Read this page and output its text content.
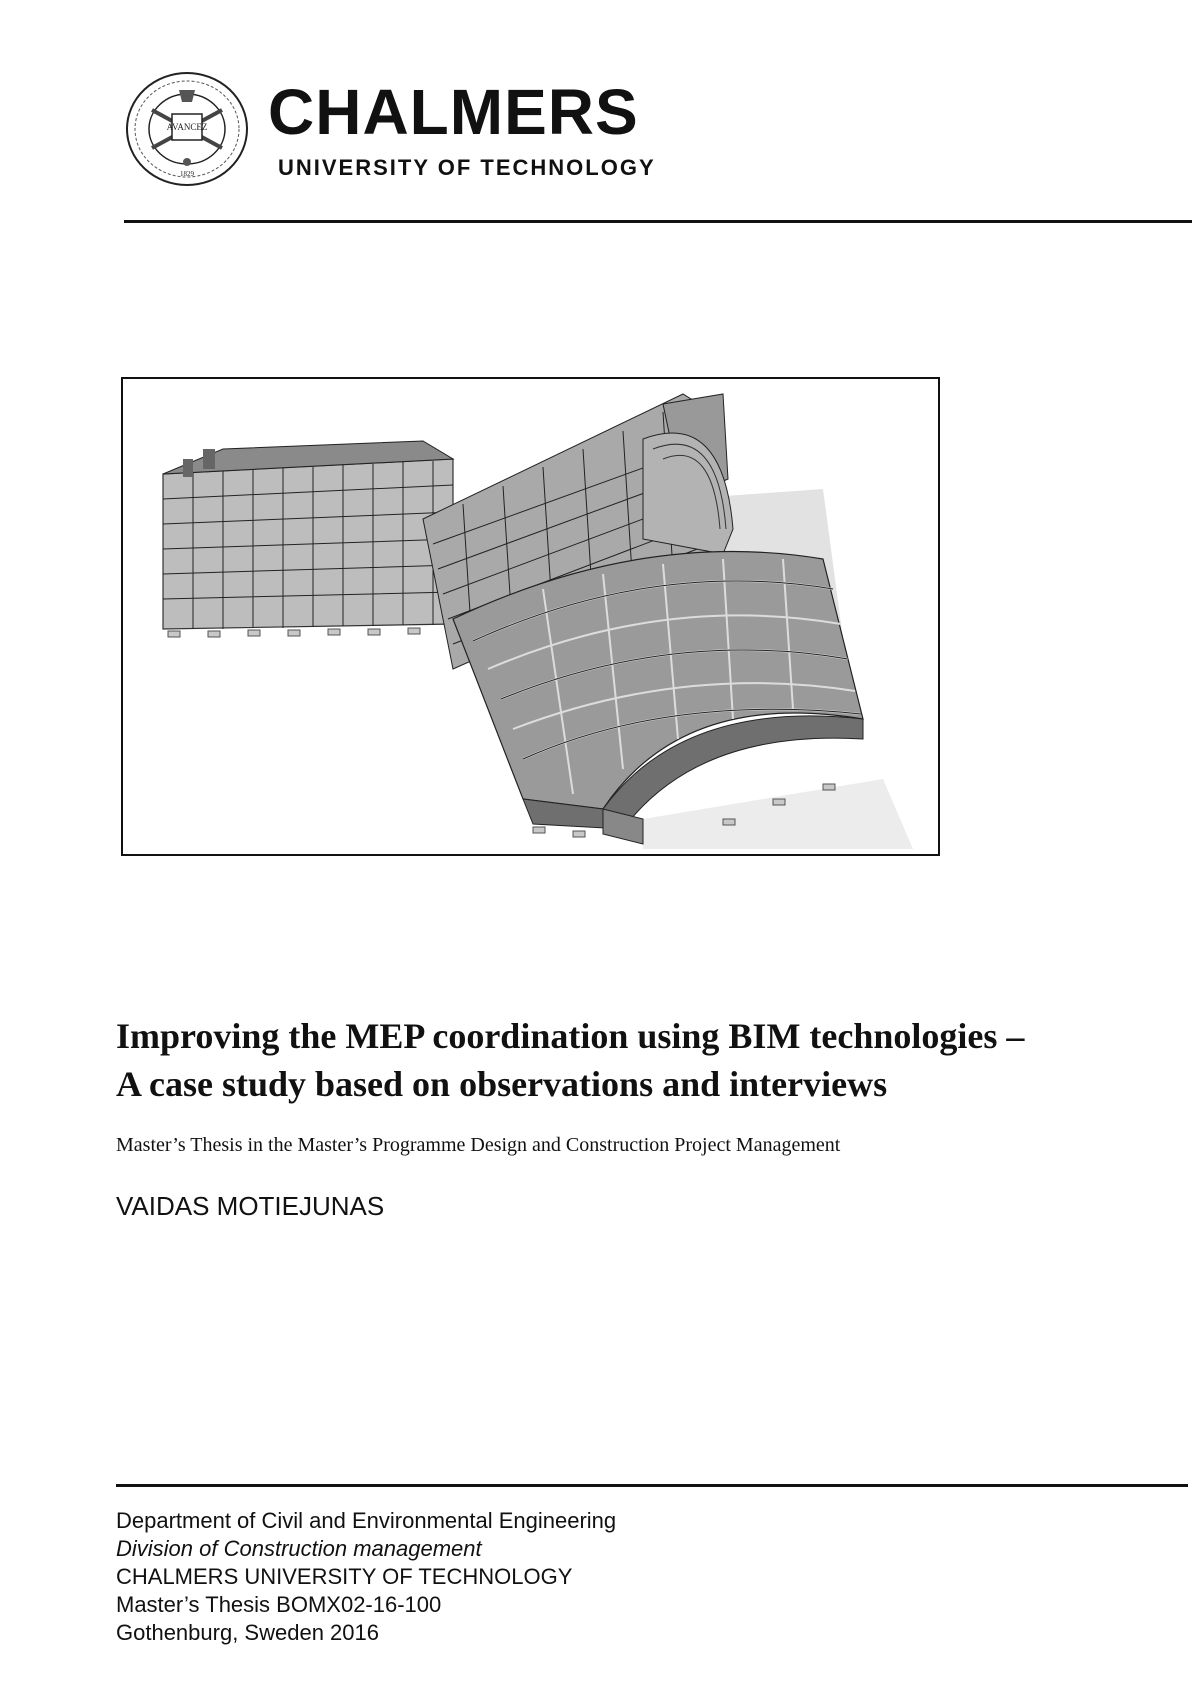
AVANCEZ
1829
CHALMERS
UNIVERSITY OF TECHNOLOGY
Improving the MEP coordination using BIM technologies –
A case study based on observations and interviews
Master’s Thesis in the Master’s Programme Design and Construction Project Management
VAIDAS MOTIEJUNAS
Department of Civil and Environmental Engineering
Division of Construction management
CHALMERS UNIVERSITY OF TECHNOLOGY
Master’s Thesis BOMX02-16-100
Gothenburg, Sweden 2016
